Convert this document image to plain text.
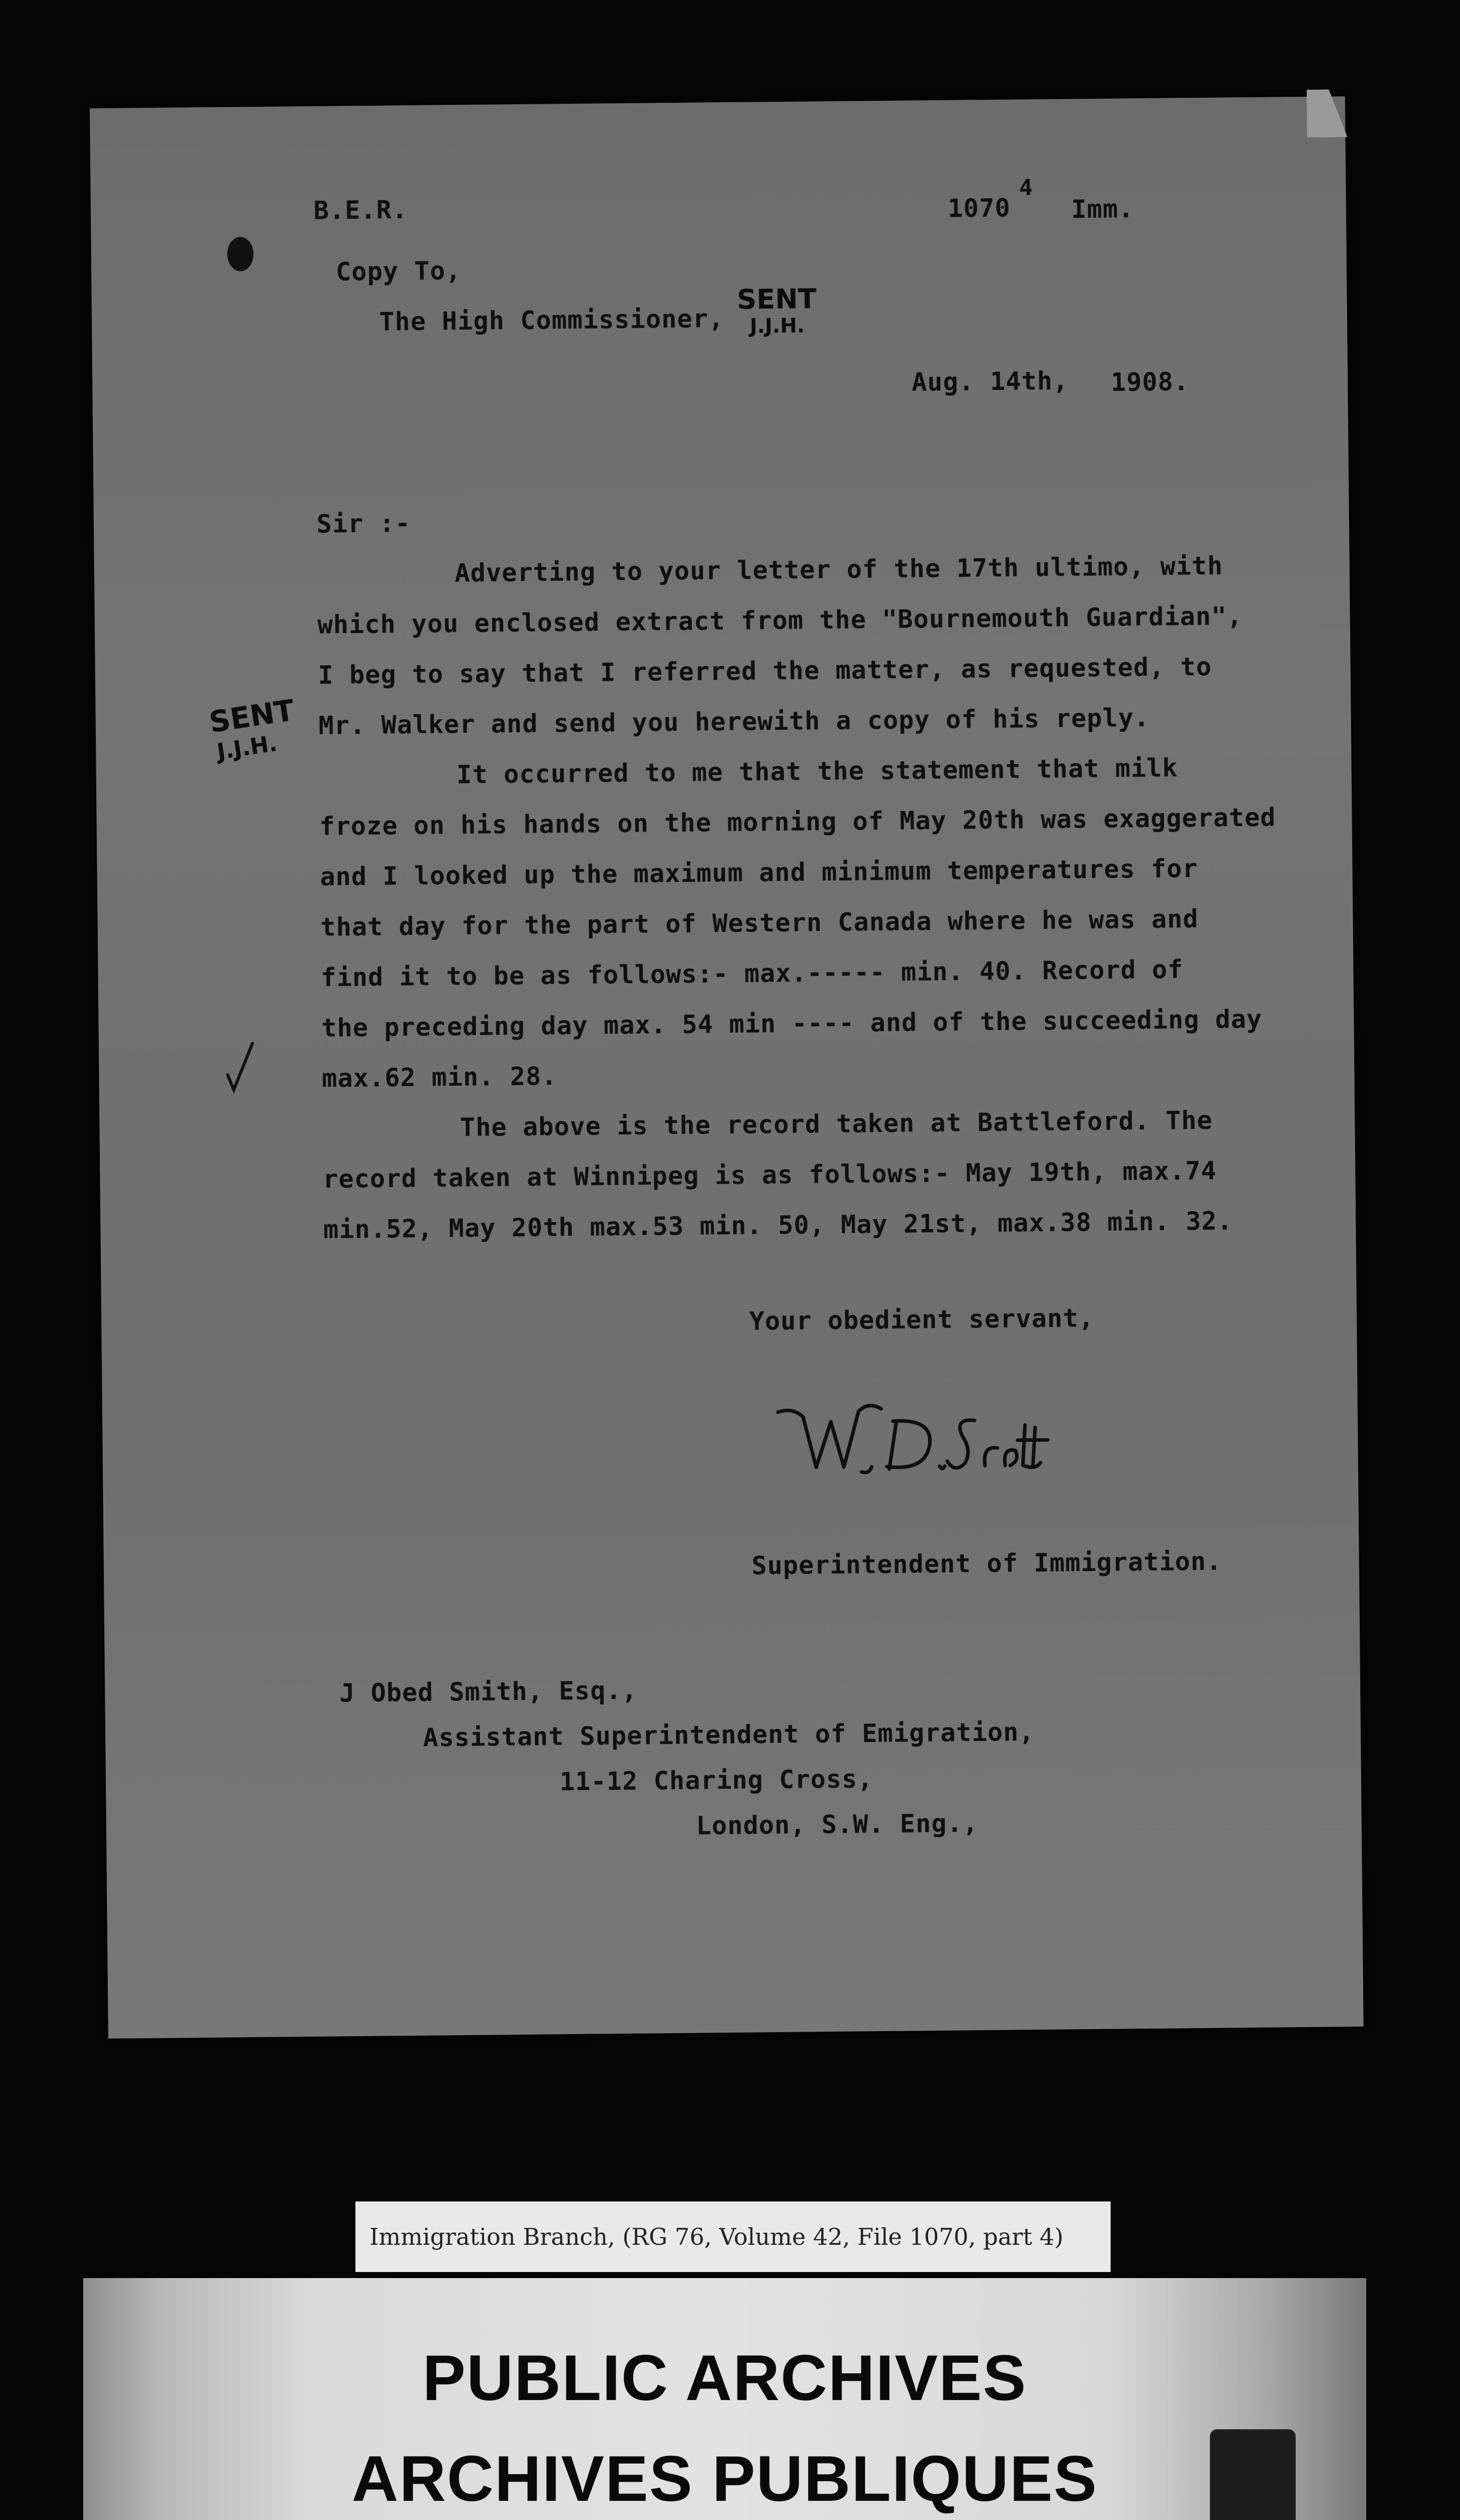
B.E.R.	1070
4
Imm.
Copy To,
The High Commissioner,
SENT
J.J.H.
Aug. 14th, 1908.
Sir :-
Adverting to your letter of the 17th ultimo, with
which you enclosed extract from the "Bournemouth Guardian",
I beg to say that I referred the matter, as requested, to
Mr. Walker and send you herewith a copy of his reply.
It occurred to me that the statement that milk
froze on his hands on the morning of May 20th was exaggerated
and I looked up the maximum and minimum temperatures for
that day for the part of Western Canada where he was and
find it to be as follows:- max.----- min. 40. Record of
the preceding day max. 54 min ---- and of the succeeding day
max.62 min. 28.
The above is the record taken at Battleford. The
record taken at Winnipeg is as follows:- May 19th, max.74
min.52, May 20th max.53 min. 50, May 21st, max.38 min. 32.
SENT
J.J.H.
Your obedient servant,
Superintendent of Immigration.
J Obed Smith, Esq.,
Assistant Superintendent of Emigration,
11-12 Charing Cross,
London, S.W. Eng.,
Immigration Branch, (RG 76, Volume 42, File 1070, part 4)
PUBLIC ARCHIVES
ARCHIVES PUBLIQUES
